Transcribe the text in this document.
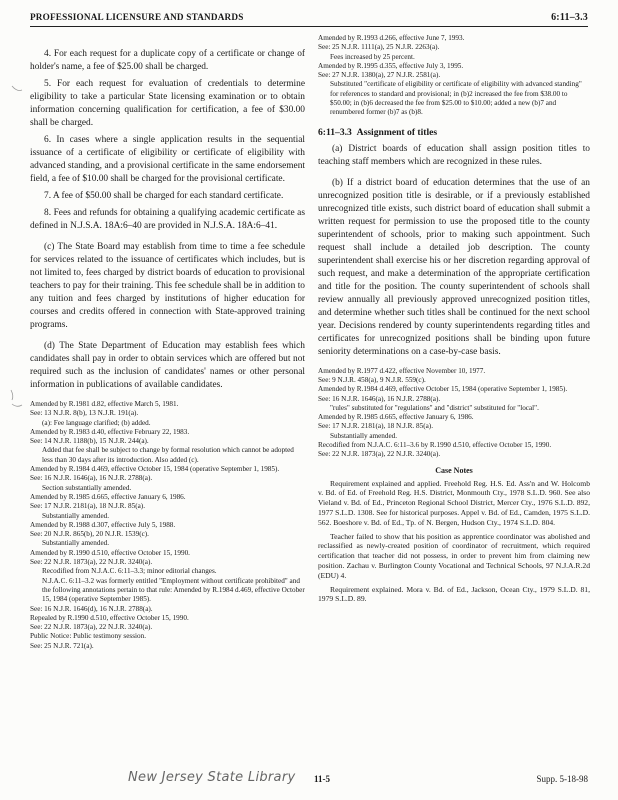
PROFESSIONAL LICENSURE AND STANDARDS	6:11–3.3

4. For each request for a duplicate copy of a certificate or change of holder's name, a fee of $25.00 shall be charged.

5. For each request for evaluation of credentials to determine eligibility to take a particular State licensing examination or to obtain information concerning qualification for certification, a fee of $30.00 shall be charged.

6. In cases where a single application results in the sequential issuance of a certificate of eligibility or certificate of eligibility with advanced standing, and a provisional certificate in the same endorsement field, a fee of $10.00 shall be charged for the provisional certificate.

7. A fee of $50.00 shall be charged for each standard certificate.

8. Fees and refunds for obtaining a qualifying academic certificate as defined in N.J.S.A. 18A:6–40 are provided in N.J.S.A. 18A:6–41.

(c) The State Board may establish from time to time a fee schedule for services related to the issuance of certificates which includes, but is not limited to, fees charged by district boards of education to provisional teachers to pay for their training. This fee schedule shall be in addition to any tuition and fees charged by institutions of higher education for courses and credits offered in connection with State-approved training programs.

(d) The State Department of Education may establish fees which candidates shall pay in order to obtain services which are offered but not required such as the inclusion of candidates' names or other personal information in publications of available candidates.

Amended by R.1981 d.82, effective March 5, 1981.
See: 13 N.J.R. 8(b), 13 N.J.R. 191(a).
(a): Fee language clarified; (b) added.
Amended by R.1983 d.40, effective February 22, 1983.
See: 14 N.J.R. 1188(b), 15 N.J.R. 244(a).
Added that fee shall be subject to change by formal resolution which cannot be adopted less than 30 days after its introduction. Also added (c).
Amended by R.1984 d.469, effective October 15, 1984 (operative September 1, 1985).
See: 16 N.J.R. 1646(a), 16 N.J.R. 2788(a).
Section substantially amended.
Amended by R.1985 d.665, effective January 6, 1986.
See: 17 N.J.R. 2181(a), 18 N.J.R. 85(a).
Substantially amended.
Amended by R.1988 d.307, effective July 5, 1988.
See: 20 N.J.R. 865(b), 20 N.J.R. 1539(c).
Substantially amended.
Amended by R.1990 d.510, effective October 15, 1990.
See: 22 N.J.R. 1873(a), 22 N.J.R. 3240(a).
Recodified from N.J.A.C. 6:11–3.3; minor editorial changes.
N.J.A.C. 6:11–3.2 was formerly entitled "Employment without certificate prohibited" and the following annotations pertain to that rule: Amended by R.1984 d.469, effective October 15, 1984 (operative September 1985).
See: 16 N.J.R. 1646(d), 16 N.J.R. 2788(a).
Repealed by R.1990 d.510, effective October 15, 1990.
See: 22 N.J.R. 1873(a), 22 N.J.R. 3240(a).
Public Notice: Public testimony session.
See: 25 N.J.R. 721(a).
Amended by R.1993 d.266, effective June 7, 1993.
See: 25 N.J.R. 1111(a), 25 N.J.R. 2263(a).
Fees increased by 25 percent.
Amended by R.1995 d.355, effective July 3, 1995.
See: 27 N.J.R. 1380(a), 27 N.J.R. 2581(a).
Substituted "certificate of eligibility or certificate of eligibility with advanced standing" for references to standard and provisional; in (b)2 increased the fee from $38.00 to $50.00; in (b)6 decreased the fee from $25.00 to $10.00; added a new (b)7 and renumbered former (b)7 as (b)8.

6:11–3.3 Assignment of titles

(a) District boards of education shall assign position titles to teaching staff members which are recognized in these rules.

(b) If a district board of education determines that the use of an unrecognized position title is desirable, or if a previously established unrecognized title exists, such district board of education shall submit a written request for permission to use the proposed title to the county superintendent of schools, prior to making such appointment. Such request shall include a detailed job description. The county superintendent shall exercise his or her discretion regarding approval of such request, and make a determination of the appropriate certification and title for the position. The county superintendent of schools shall review annually all previously approved unrecognized position titles, and determine whether such titles shall be continued for the next school year. Decisions rendered by county superintendents regarding titles and certificates for unrecognized positions shall be binding upon future seniority determinations on a case-by-case basis.

Amended by R.1977 d.422, effective November 10, 1977.
See: 9 N.J.R. 458(a), 9 N.J.R. 559(c).
Amended by R.1984 d.469, effective October 15, 1984 (operative September 1, 1985).
See: 16 N.J.R. 1646(a), 16 N.J.R. 2788(a).
"rules" substituted for "regulations" and "district" substituted for "local".
Amended by R.1985 d.665, effective January 6, 1986.
See: 17 N.J.R. 2181(a), 18 N.J.R. 85(a).
Substantially amended.
Recodified from N.J.A.C. 6:11–3.6 by R.1990 d.510, effective October 15, 1990.
See: 22 N.J.R. 1873(a), 22 N.J.R. 3240(a).

Case Notes

Requirement explained and applied. Freehold Reg. H.S. Ed. Ass'n and W. Holcomb v. Bd. of Ed. of Freehold Reg. H.S. District, Monmouth Cty., 1978 S.L.D. 960. See also Vieland v. Bd. of Ed., Princeton Regional School District, Mercer Cty., 1976 S.L.D. 892, 1977 S.L.D. 1308. See for historical purposes. Appel v. Bd. of Ed., Camden, 1975 S.L.D. 562. Boeshore v. Bd. of Ed., Tp. of N. Bergen, Hudson Cty., 1974 S.L.D. 804.

Teacher failed to show that his position as apprentice coordinator was abolished and reclassified as newly-created position of coordinator of recruitment, which required certification that teacher did not possess, in order to prevent him from claiming new position. Zachau v. Burlington County Vocational and Technical Schools, 97 N.J.A.R.2d (EDU) 4.

Requirement explained. Mora v. Bd. of Ed., Jackson, Ocean Cty., 1979 S.L.D. 81, 1979 S.L.D. 89.

New Jersey State Library 11-5	Supp. 5-18-98
